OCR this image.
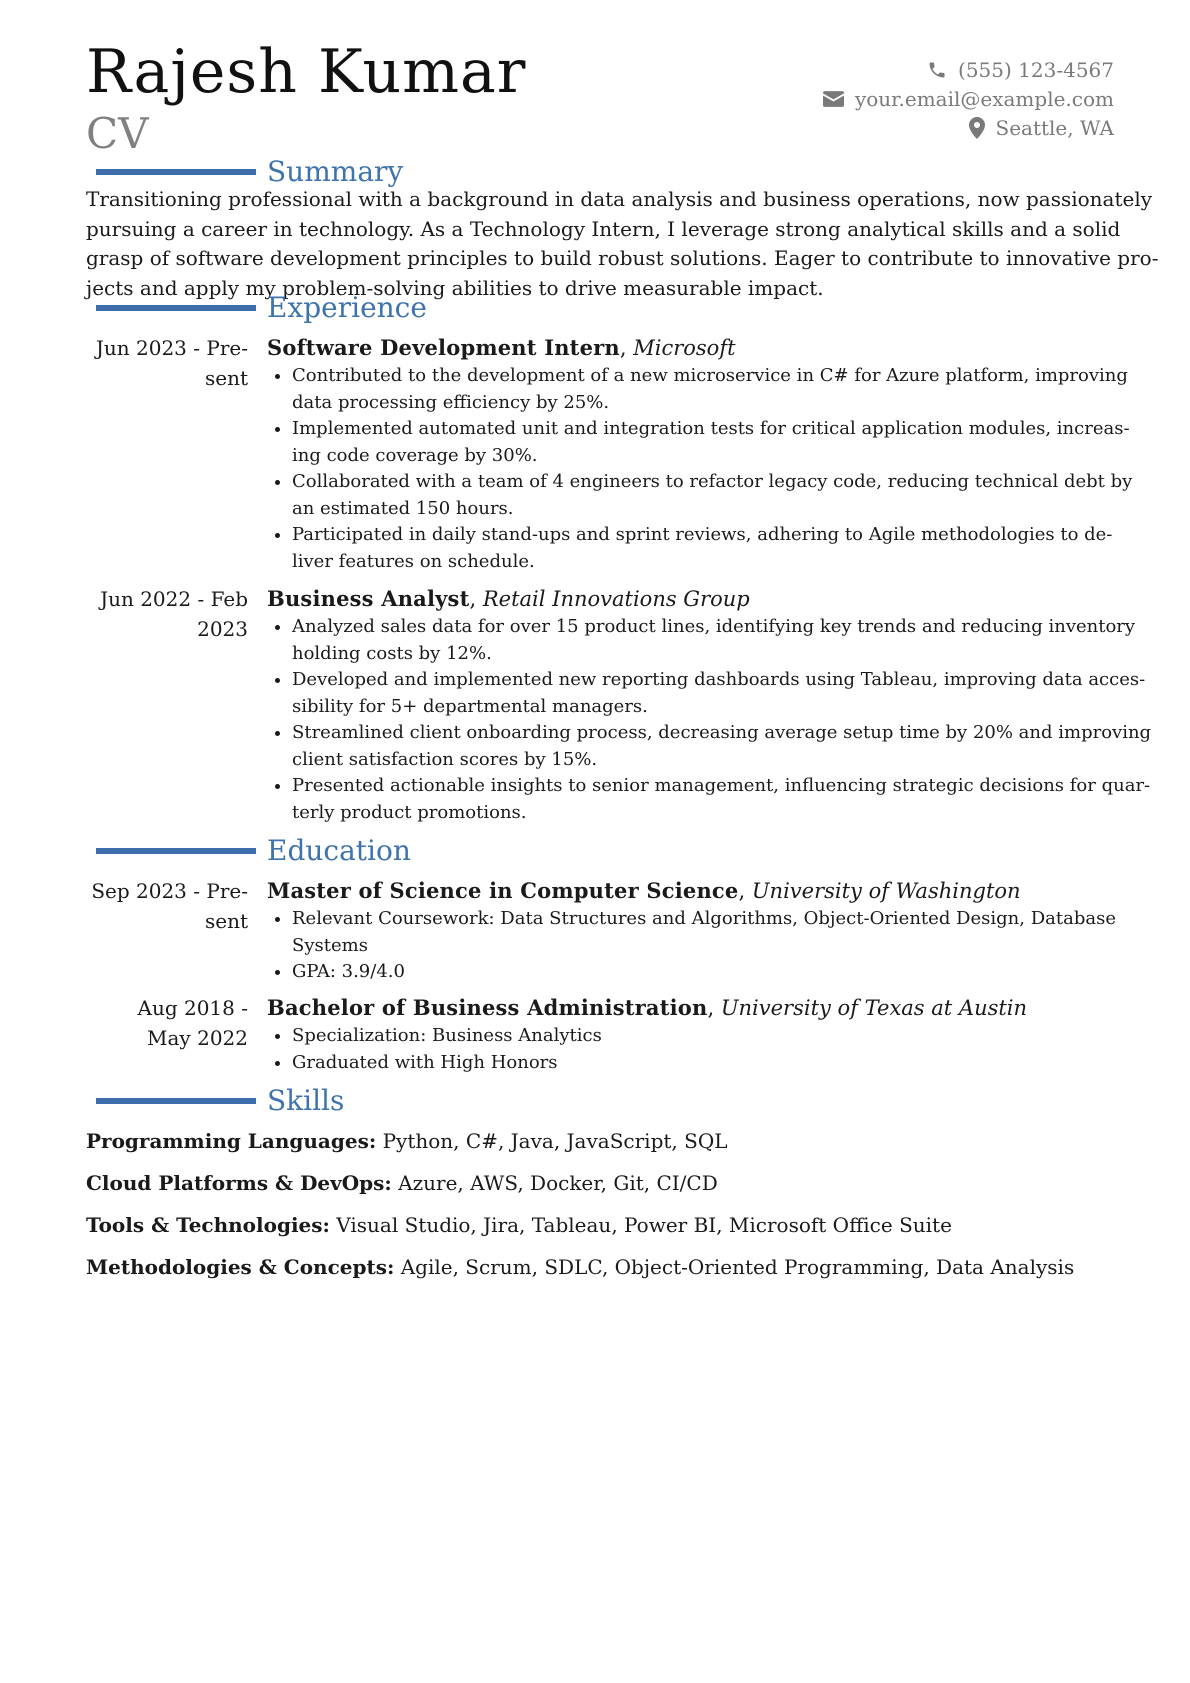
Rajesh Kumar
CV
(555) 123-4567
your.email@example.com
Seattle, WA
Summary

Transitioning professional with a background in data analysis and business operations, now passionately
pursuing a career in technology. As a Technology Intern, I leverage strong analytical skills and a solid
grasp of software development principles to build robust solutions. Eager to contribute to innovative pro-
jects and apply my problem-solving abilities to drive measurable impact.

Experience
Jun 2023 - Pre-
sent
Software Development Intern, Microsoft
Contributed to the development of a new microservice in C# for Azure platform, improving
data processing efficiency by 25%.
Implemented automated unit and integration tests for critical application modules, increas-
ing code coverage by 30%.
Collaborated with a team of 4 engineers to refactor legacy code, reducing technical debt by
an estimated 150 hours.
Participated in daily stand-ups and sprint reviews, adhering to Agile methodologies to de-
liver features on schedule.
Jun 2022 - Feb
2023
Business Analyst, Retail Innovations Group
Analyzed sales data for over 15 product lines, identifying key trends and reducing inventory
holding costs by 12%.
Developed and implemented new reporting dashboards using Tableau, improving data acces-
sibility for 5+ departmental managers.
Streamlined client onboarding process, decreasing average setup time by 20% and improving
client satisfaction scores by 15%.
Presented actionable insights to senior management, influencing strategic decisions for quar-
terly product promotions.
Education
Sep 2023 - Pre-
sent
Master of Science in Computer Science, University of Washington
Relevant Coursework: Data Structures and Algorithms, Object-Oriented Design, Database
Systems
GPA: 3.9/4.0
Aug 2018 -
May 2022
Bachelor of Business Administration, University of Texas at Austin
Specialization: Business Analytics
Graduated with High Honors
Skills
Programming Languages: Python, C#, Java, JavaScript, SQL
Cloud Platforms & DevOps: Azure, AWS, Docker, Git, CI/CD
Tools & Technologies: Visual Studio, Jira, Tableau, Power BI, Microsoft Office Suite
Methodologies & Concepts: Agile, Scrum, SDLC, Object-Oriented Programming, Data Analysis
